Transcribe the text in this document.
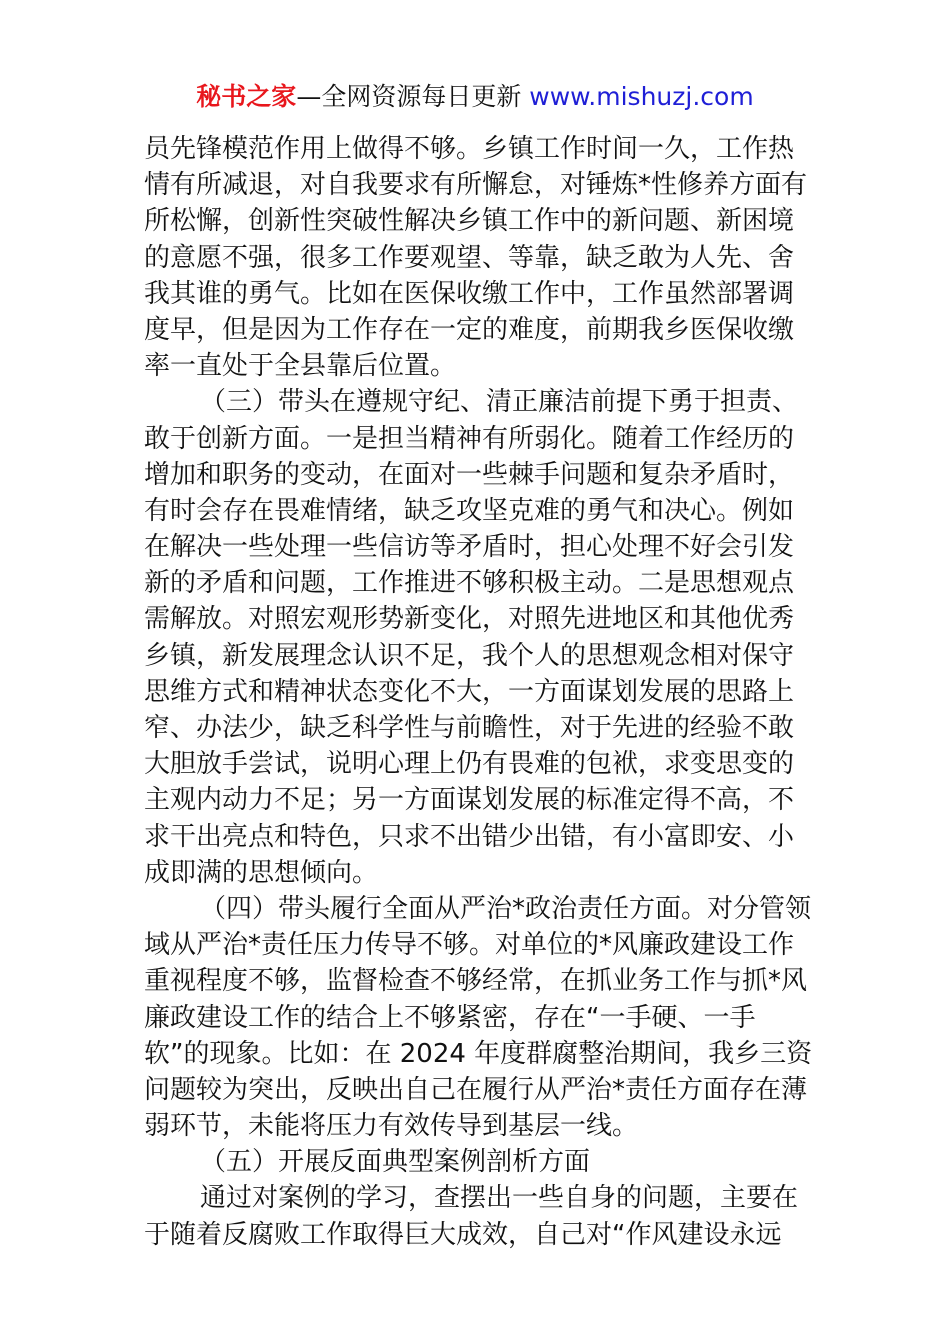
秘书之家—全网资源每日更新 www.mishuzj.com
员先锋模范作用上做得不够。乡镇工作时间一久，工作热
情有所减退，对自我要求有所懈怠，对锤炼*性修养方面有
所松懈，创新性突破性解决乡镇工作中的新问题、新困境
的意愿不强，很多工作要观望、等靠，缺乏敢为人先、舍
我其谁的勇气。比如在医保收缴工作中，工作虽然部署调
度早，但是因为工作存在一定的难度，前期我乡医保收缴
率一直处于全县靠后位置。
（三）带头在遵规守纪、清正廉洁前提下勇于担责、
敢于创新方面。一是担当精神有所弱化。随着工作经历的
增加和职务的变动，在面对一些棘手问题和复杂矛盾时，
有时会存在畏难情绪，缺乏攻坚克难的勇气和决心。例如
在解决一些处理一些信访等矛盾时，担心处理不好会引发
新的矛盾和问题，工作推进不够积极主动。二是思想观点
需解放。对照宏观形势新变化，对照先进地区和其他优秀
乡镇，新发展理念认识不足，我个人的思想观念相对保守
思维方式和精神状态变化不大，一方面谋划发展的思路上
窄、办法少，缺乏科学性与前瞻性，对于先进的经验不敢
大胆放手尝试，说明心理上仍有畏难的包袱，求变思变的
主观内动力不足；另一方面谋划发展的标准定得不高，不
求干出亮点和特色，只求不出错少出错，有小富即安、小
成即满的思想倾向。
（四）带头履行全面从严治*政治责任方面。对分管领
域从严治*责任压力传导不够。对单位的*风廉政建设工作
重视程度不够，监督检查不够经常，在抓业务工作与抓*风
廉政建设工作的结合上不够紧密，存在“一手硬、一手
软”的现象。比如：在 2024 年度群腐整治期间，我乡三资
问题较为突出，反映出自己在履行从严治*责任方面存在薄
弱环节，未能将压力有效传导到基层一线。
（五）开展反面典型案例剖析方面
通过对案例的学习，查摆出一些自身的问题，主要在
于随着反腐败工作取得巨大成效，自己对“作风建设永远
